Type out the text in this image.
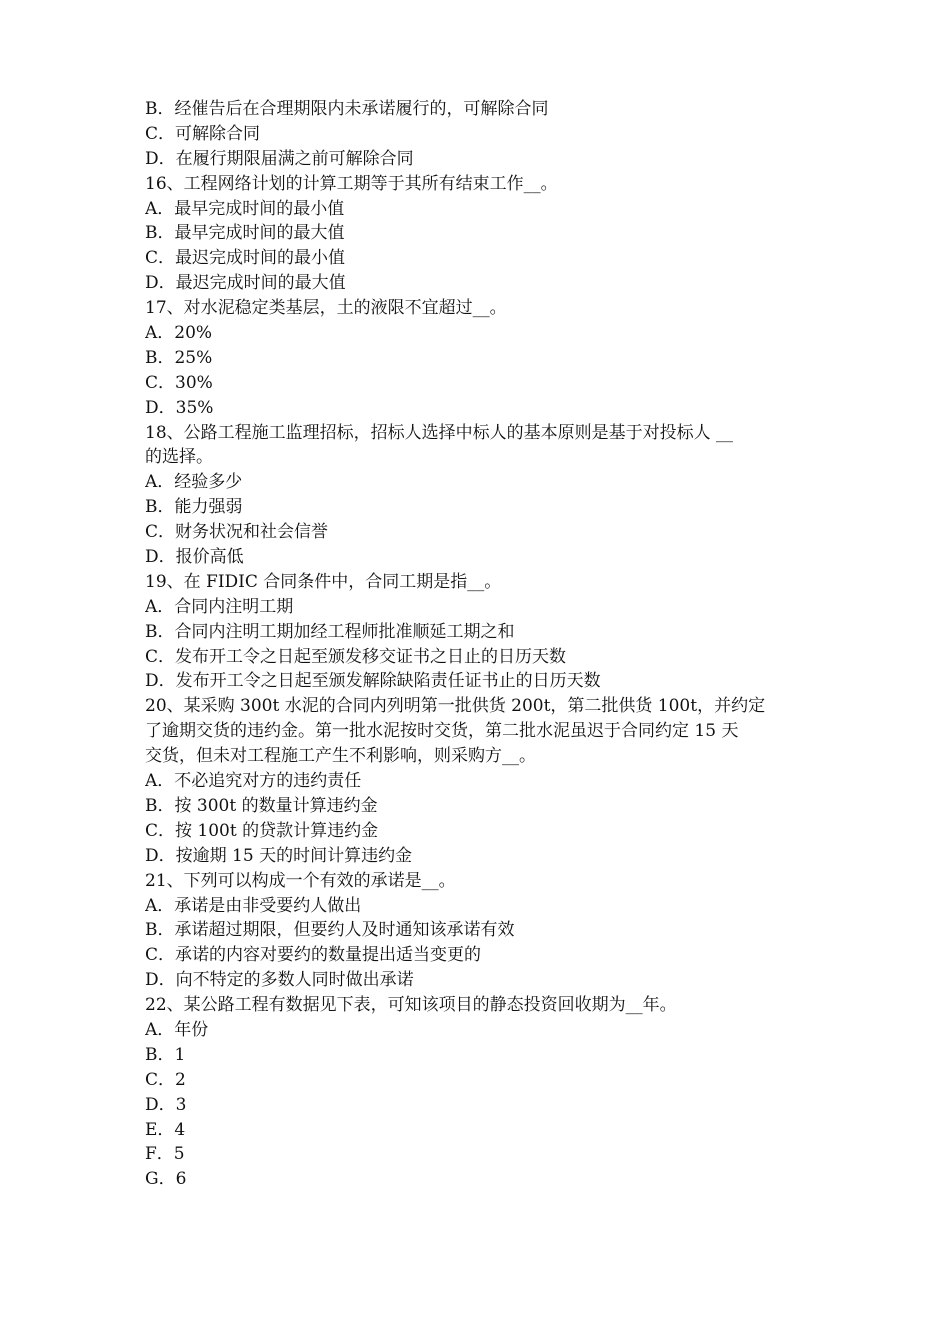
B．经催告后在合理期限内未承诺履行的，可解除合同
C．可解除合同
D．在履行期限届满之前可解除合同
16、工程网络计划的计算工期等于其所有结束工作__。
A．最早完成时间的最小值
B．最早完成时间的最大值
C．最迟完成时间的最小值
D．最迟完成时间的最大值
17、对水泥稳定类基层，土的液限不宜超过__。
A．20%
B．25%
C．30%
D．35%
18、公路工程施工监理招标，招标人选择中标人的基本原则是基于对投标人 __
的选择。
A．经验多少
B．能力强弱
C．财务状况和社会信誉
D．报价高低
19、在 FIDIC 合同条件中，合同工期是指__。
A．合同内注明工期
B．合同内注明工期加经工程师批准顺延工期之和
C．发布开工令之日起至颁发移交证书之日止的日历天数
D．发布开工令之日起至颁发解除缺陷责任证书止的日历天数
20、某采购 300t 水泥的合同内列明第一批供货 200t，第二批供货 100t，并约定
了逾期交货的违约金。第一批水泥按时交货，第二批水泥虽迟于合同约定 15 天
交货，但未对工程施工产生不利影响，则采购方__。
A．不必追究对方的违约责任
B．按 300t 的数量计算违约金
C．按 100t 的贷款计算违约金
D．按逾期 15 天的时间计算违约金
21、下列可以构成一个有效的承诺是__。
A．承诺是由非受要约人做出
B．承诺超过期限，但要约人及时通知该承诺有效
C．承诺的内容对要约的数量提出适当变更的
D．向不特定的多数人同时做出承诺
22、某公路工程有数据见下表，可知该项目的静态投资回收期为__年。
A．年份
B．1
C．2
D．3
E．4
F．5
G．6
